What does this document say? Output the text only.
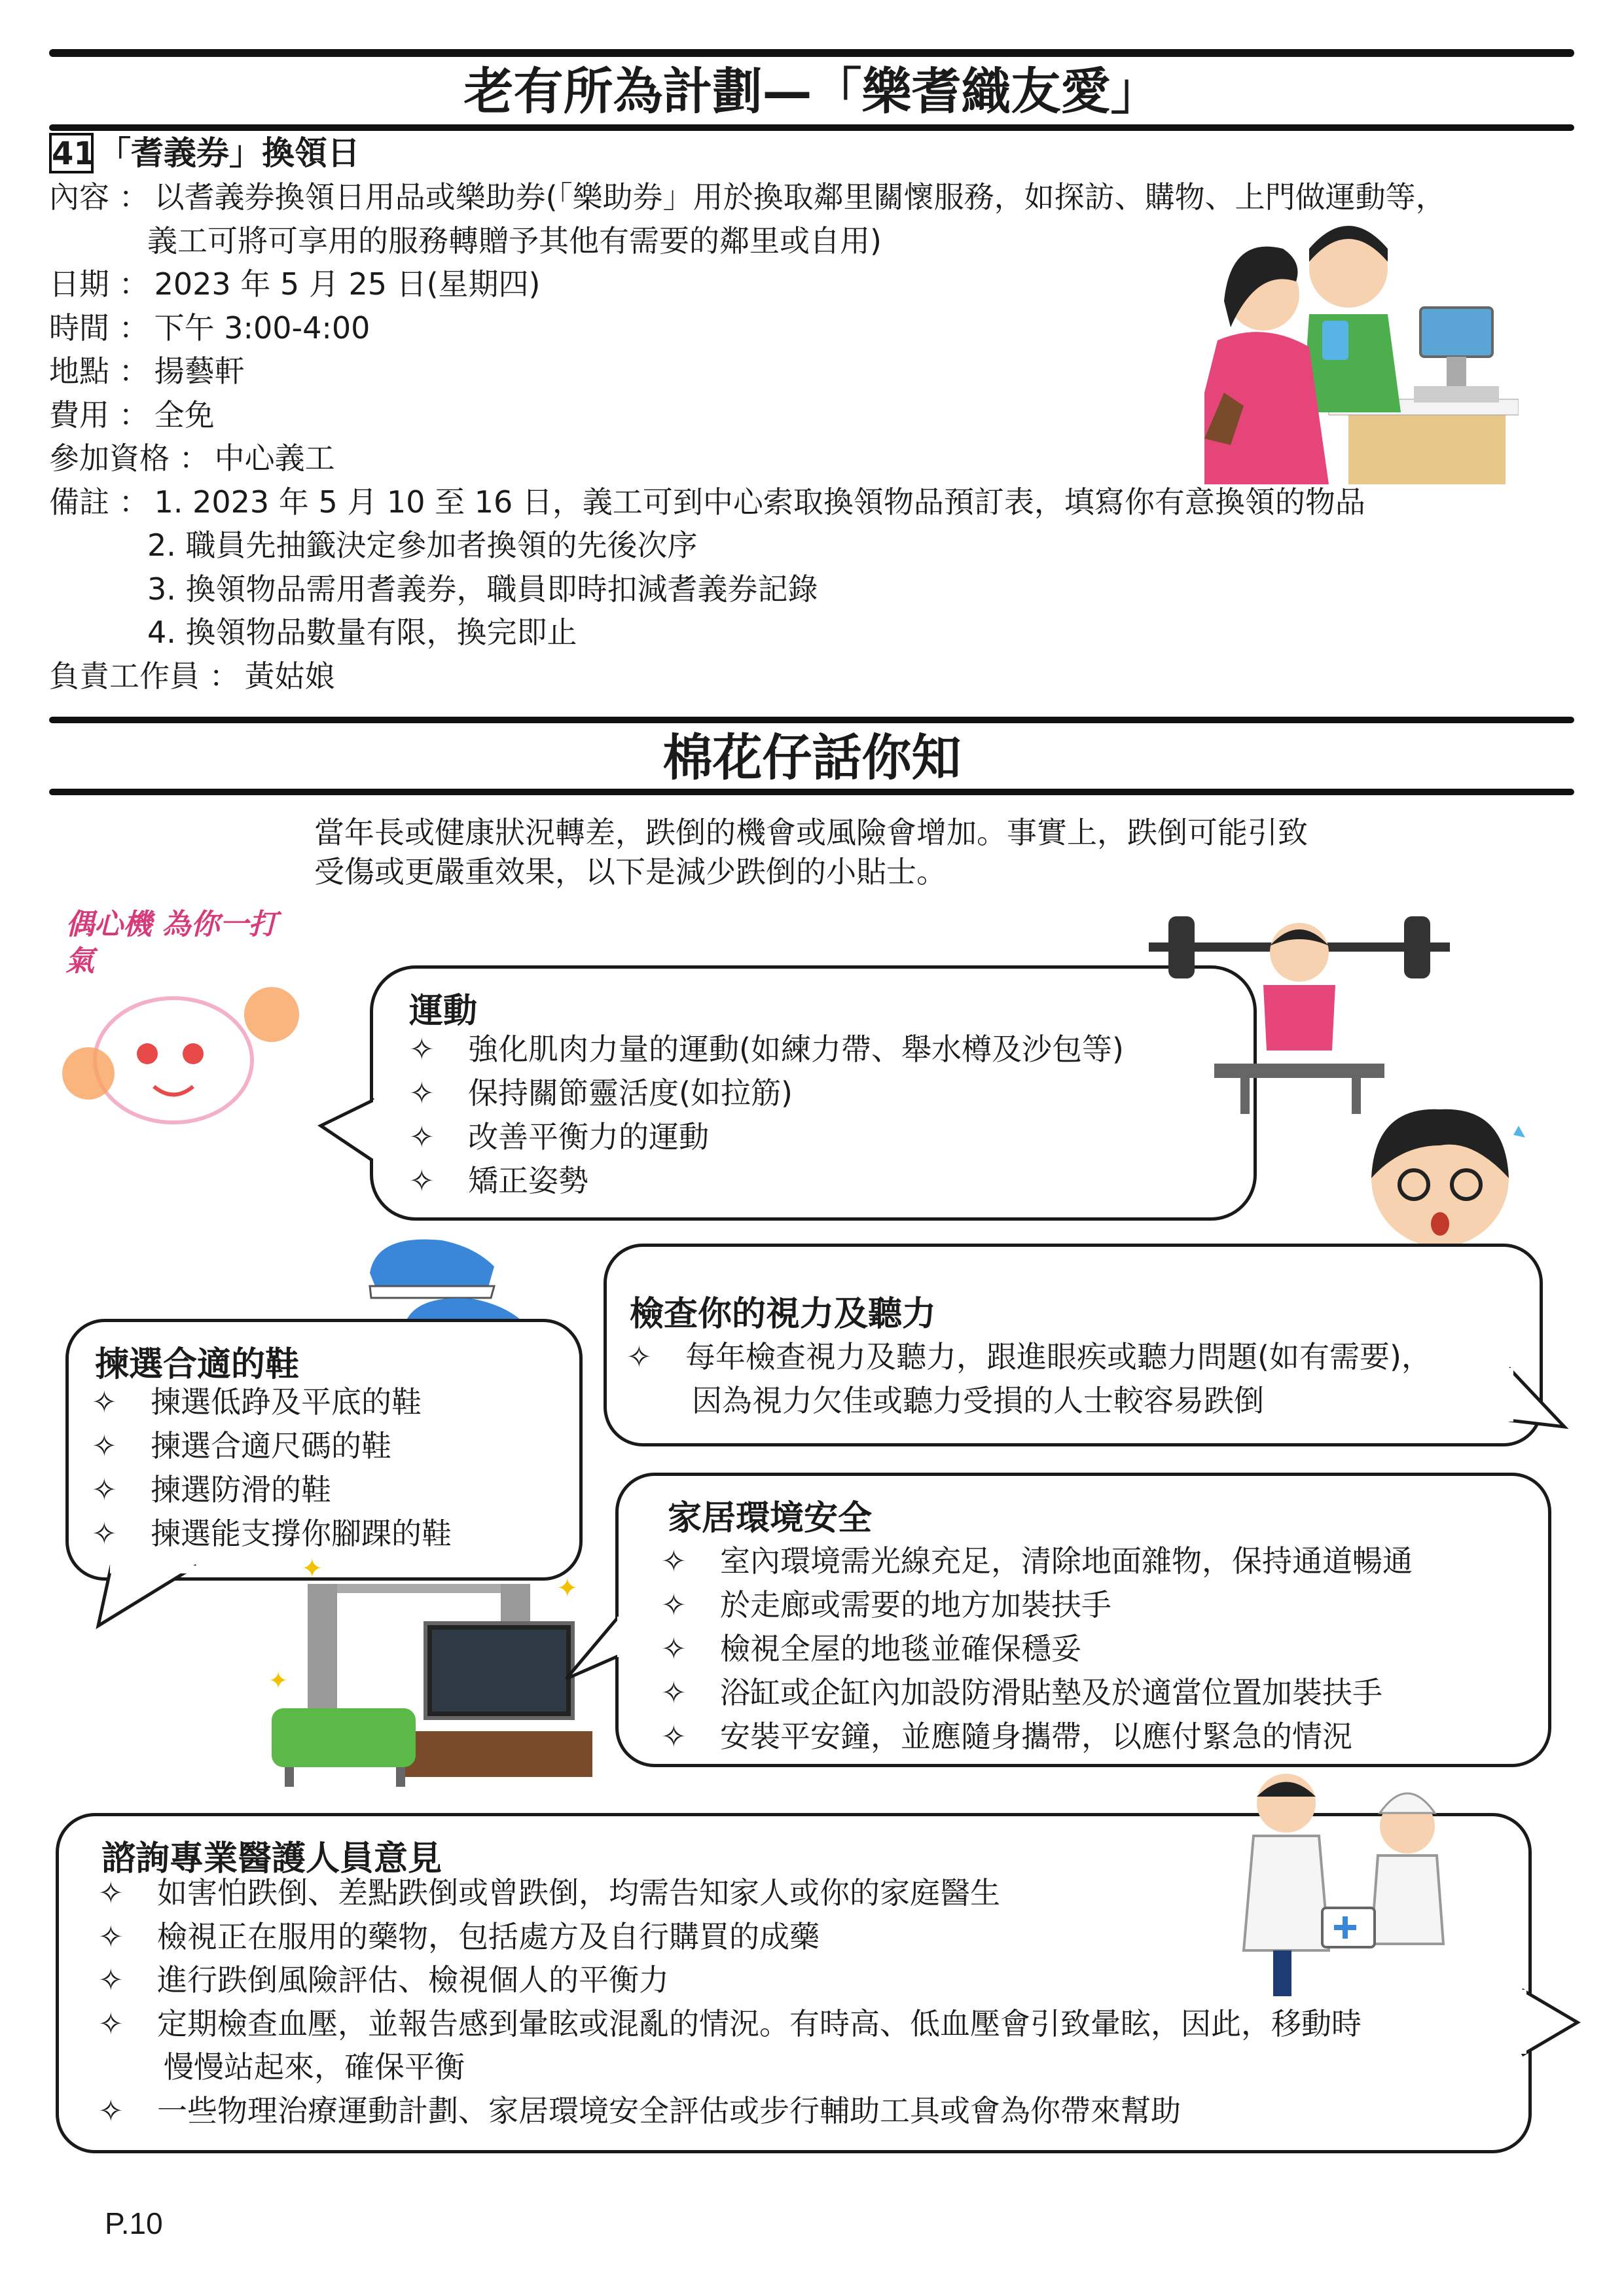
老有所為計劃—「樂耆織友愛」
41 「耆義券」換領日
內容 ： 以耆義券換領日用品或樂助券(「樂助券」用於換取鄰里關懷服務，如探訪、購物、上門做運動等，
義工可將可享用的服務轉贈予其他有需要的鄰里或自用)
日期 ： 2023 年 5 月 25 日(星期四)
時間 ： 下午 3:00-4:00
地點 ： 揚藝軒
費用 ： 全免
參加資格 ： 中心義工
備註 ： 1. 2023 年 5 月 10 至 16 日，義工可到中心索取換領物品預訂表，填寫你有意換領的物品
2. 職員先抽籤決定參加者換領的先後次序
3. 換領物品需用耆義券，職員即時扣減耆義券記錄
4. 換領物品數量有限，換完即止
負責工作員 ： 黃姑娘
棉花仔話你知
當年長或健康狀況轉差，跌倒的機會或風險會增加。事實上，跌倒可能引致
受傷或更嚴重效果，以下是減少跌倒的小貼士。
偶心機 為你一打氣
運動
✧ 強化肌肉力量的運動(如練力帶、舉水樽及沙包等)
✧ 保持關節靈活度(如拉筋)
✧ 改善平衡力的運動
✧ 矯正姿勢
檢查你的視力及聽力
✧ 每年檢查視力及聽力，跟進眼疾或聽力問題(如有需要)，
因為視力欠佳或聽力受損的人士較容易跌倒
揀選合適的鞋
✧ 揀選低踭及平底的鞋
✧ 揀選合適尺碼的鞋
✧ 揀選防滑的鞋
✧ 揀選能支撐你腳踝的鞋
✦
✦
✦
家居環境安全
✧ 室內環境需光線充足，清除地面雜物，保持通道暢通
✧ 於走廊或需要的地方加裝扶手
✧ 檢視全屋的地毯並確保穩妥
✧ 浴缸或企缸內加設防滑貼墊及於適當位置加裝扶手
✧ 安裝平安鐘，並應隨身攜帶，以應付緊急的情況
諮詢專業醫護人員意見
✧ 如害怕跌倒、差點跌倒或曾跌倒，均需告知家人或你的家庭醫生
✧ 檢視正在服用的藥物，包括處方及自行購買的成藥
✧ 進行跌倒風險評估、檢視個人的平衡力
✧ 定期檢查血壓，並報告感到暈眩或混亂的情況。有時高、低血壓會引致暈眩，因此，移動時
慢慢站起來，確保平衡
✧ 一些物理治療運動計劃、家居環境安全評估或步行輔助工具或會為你帶來幫助
P.10
